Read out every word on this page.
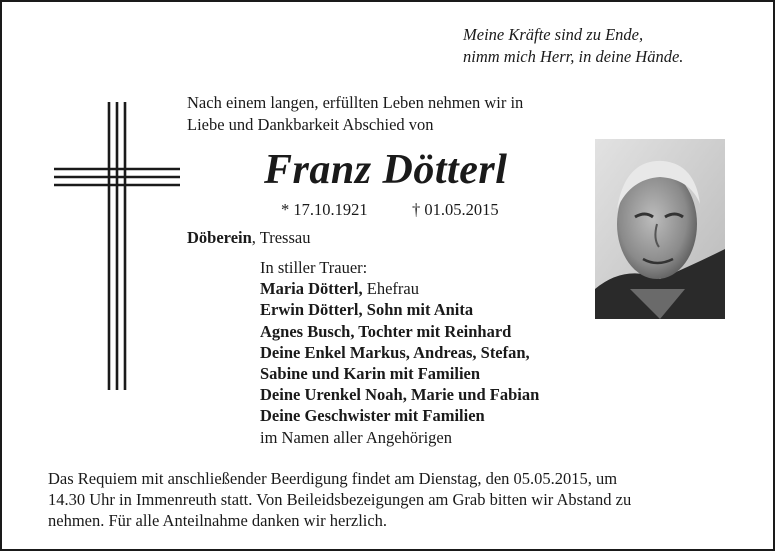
Meine Kräfte sind zu Ende,
nimm mich Herr, in deine Hände.
Nach einem langen, erfüllten Leben nehmen wir in
Liebe und Dankbarkeit Abschied von
Franz Dötterl
* 17.10.1921	† 01.05.2015
Döberein, Tressau
In stiller Trauer:
Maria Dötterl, Ehefrau
Erwin Dötterl, Sohn mit Anita
Agnes Busch, Tochter mit Reinhard
Deine Enkel Markus, Andreas, Stefan,
Sabine und Karin mit Familien
Deine Urenkel Noah, Marie und Fabian
Deine Geschwister mit Familien
im Namen aller Angehörigen
Das Requiem mit anschließender Beerdigung findet am Dienstag, den 05.05.2015, um
14.30 Uhr in Immenreuth statt. Von Beileidsbezeigungen am Grab bitten wir Abstand zu
nehmen. Für alle Anteilnahme danken wir herzlich.
